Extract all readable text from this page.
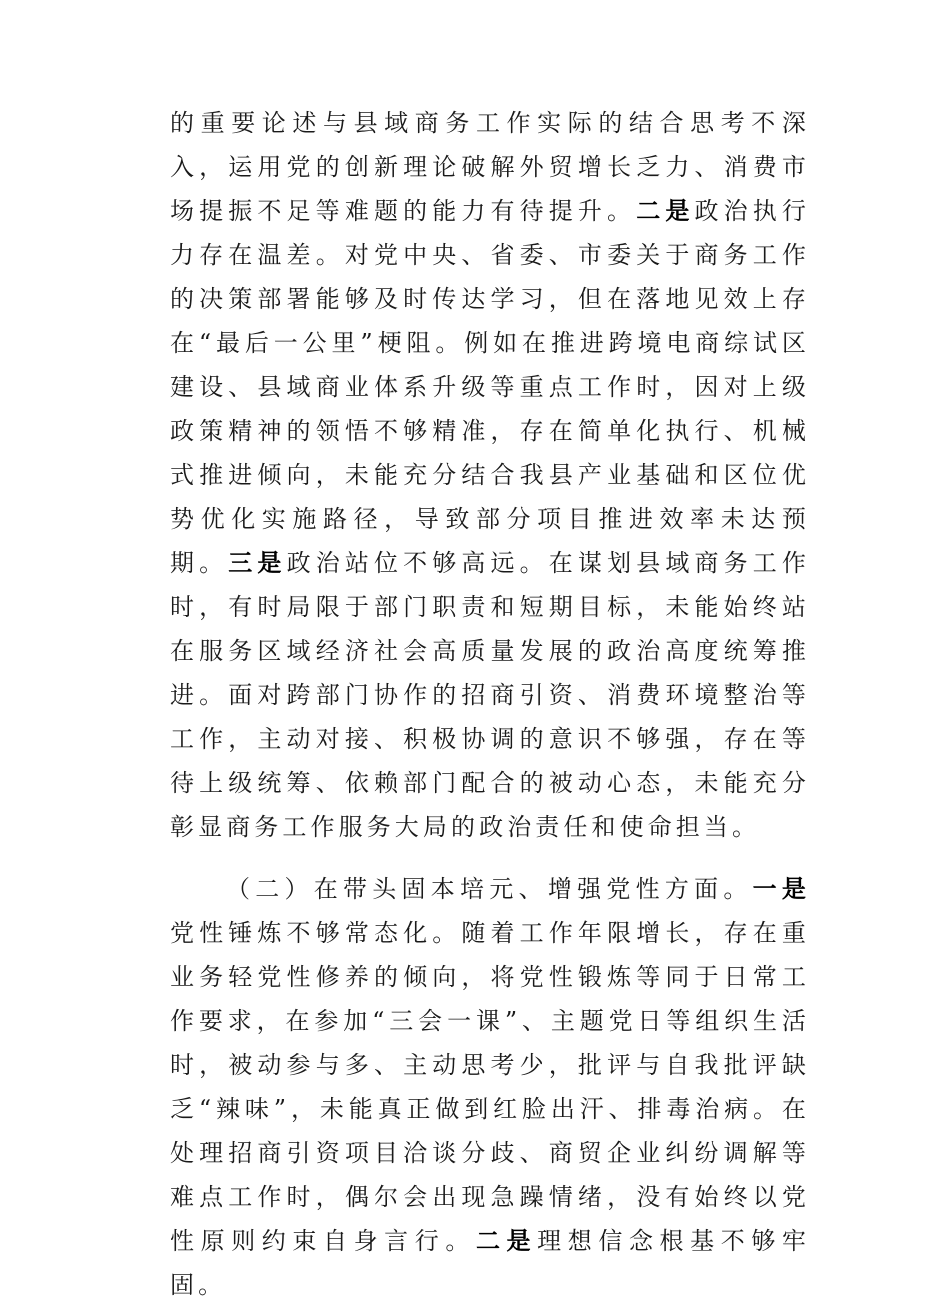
的重要论述与县域商务工作实际的结合思考不深入，运用党的创新理论破解外贸增长乏力、消费市场提振不足等难题的能力有待提升。二是政治执行力存在温差。对党中央、省委、市委关于商务工作的决策部署能够及时传达学习，但在落地见效上存在“最后一公里”梗阻。例如在推进跨境电商综试区建设、县域商业体系升级等重点工作时，因对上级政策精神的领悟不够精准，存在简单化执行、机械式推进倾向，未能充分结合我县产业基础和区位优势优化实施路径，导致部分项目推进效率未达预期。三是政治站位不够高远。在谋划县域商务工作时，有时局限于部门职责和短期目标，未能始终站在服务区域经济社会高质量发展的政治高度统筹推进。面对跨部门协作的招商引资、消费环境整治等工作，主动对接、积极协调的意识不够强，存在等待上级统筹、依赖部门配合的被动心态，未能充分彰显商务工作服务大局的政治责任和使命担当。

（二）在带头固本培元、增强党性方面。一是党性锤炼不够常态化。随着工作年限增长，存在重业务轻党性修养的倾向，将党性锻炼等同于日常工作要求，在参加“三会一课”、主题党日等组织生活时，被动参与多、主动思考少，批评与自我批评缺乏“辣味”，未能真正做到红脸出汗、排毒治病。在处理招商引资项目洽谈分歧、商贸企业纠纷调解等难点工作时，偶尔会出现急躁情绪，没有始终以党性原则约束自身言行。二是理想信念根基不够牢固。
